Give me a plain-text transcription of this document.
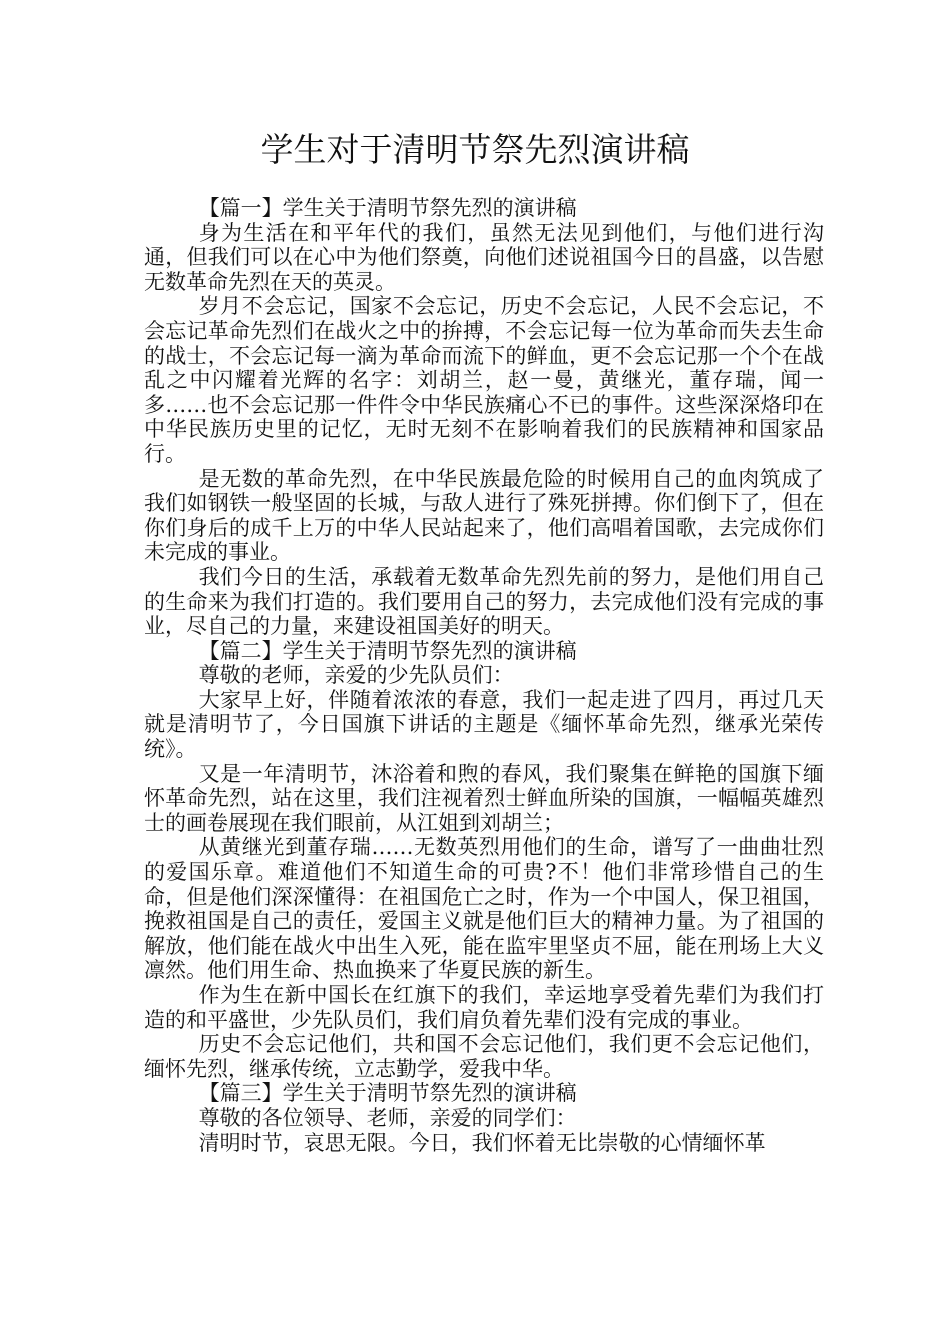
学生对于清明节祭先烈演讲稿

【篇一】学生关于清明节祭先烈的演讲稿

身为生活在和平年代的我们，虽然无法见到他们，与他们进行沟通，但我们可以在心中为他们祭奠，向他们述说祖国今日的昌盛，以告慰无数革命先烈在天的英灵。

岁月不会忘记，国家不会忘记，历史不会忘记，人民不会忘记，不会忘记革命先烈们在战火之中的拚搏，不会忘记每一位为革命而失去生命的战士，不会忘记每一滴为革命而流下的鲜血，更不会忘记那一个个在战乱之中闪耀着光辉的名字：刘胡兰，赵一曼，黄继光，董存瑞，闻一多……也不会忘记那一件件令中华民族痛心不已的事件。这些深深烙印在中华民族历史里的记忆，无时无刻不在影响着我们的民族精神和国家品行。

是无数的革命先烈，在中华民族最危险的时候用自己的血肉筑成了我们如钢铁一般坚固的长城，与敌人进行了殊死拼搏。你们倒下了，但在你们身后的成千上万的中华人民站起来了，他们高唱着国歌，去完成你们未完成的事业。

我们今日的生活，承载着无数革命先烈先前的努力，是他们用自己的生命来为我们打造的。我们要用自己的努力，去完成他们没有完成的事业，尽自己的力量，来建设祖国美好的明天。

【篇二】学生关于清明节祭先烈的演讲稿

尊敬的老师，亲爱的少先队员们：

大家早上好，伴随着浓浓的春意，我们一起走进了四月，再过几天就是清明节了，今日国旗下讲话的主题是《缅怀革命先烈，继承光荣传统》。

又是一年清明节，沐浴着和煦的春风，我们聚集在鲜艳的国旗下缅怀革命先烈，站在这里，我们注视着烈士鲜血所染的国旗，一幅幅英雄烈士的画卷展现在我们眼前，从江姐到刘胡兰；

从黄继光到董存瑞……无数英烈用他们的生命，谱写了一曲曲壮烈的爱国乐章。难道他们不知道生命的可贵?不！他们非常珍惜自己的生命，但是他们深深懂得：在祖国危亡之时，作为一个中国人，保卫祖国，挽救祖国是自己的责任，爱国主义就是他们巨大的精神力量。为了祖国的解放，他们能在战火中出生入死，能在监牢里坚贞不屈，能在刑场上大义凛然。他们用生命、热血换来了华夏民族的新生。

作为生在新中国长在红旗下的我们，幸运地享受着先辈们为我们打造的和平盛世，少先队员们，我们肩负着先辈们没有完成的事业。

历史不会忘记他们，共和国不会忘记他们，我们更不会忘记他们，缅怀先烈，继承传统，立志勤学，爱我中华。

【篇三】学生关于清明节祭先烈的演讲稿

尊敬的各位领导、老师，亲爱的同学们：

清明时节，哀思无限。今日，我们怀着无比崇敬的心情缅怀革
